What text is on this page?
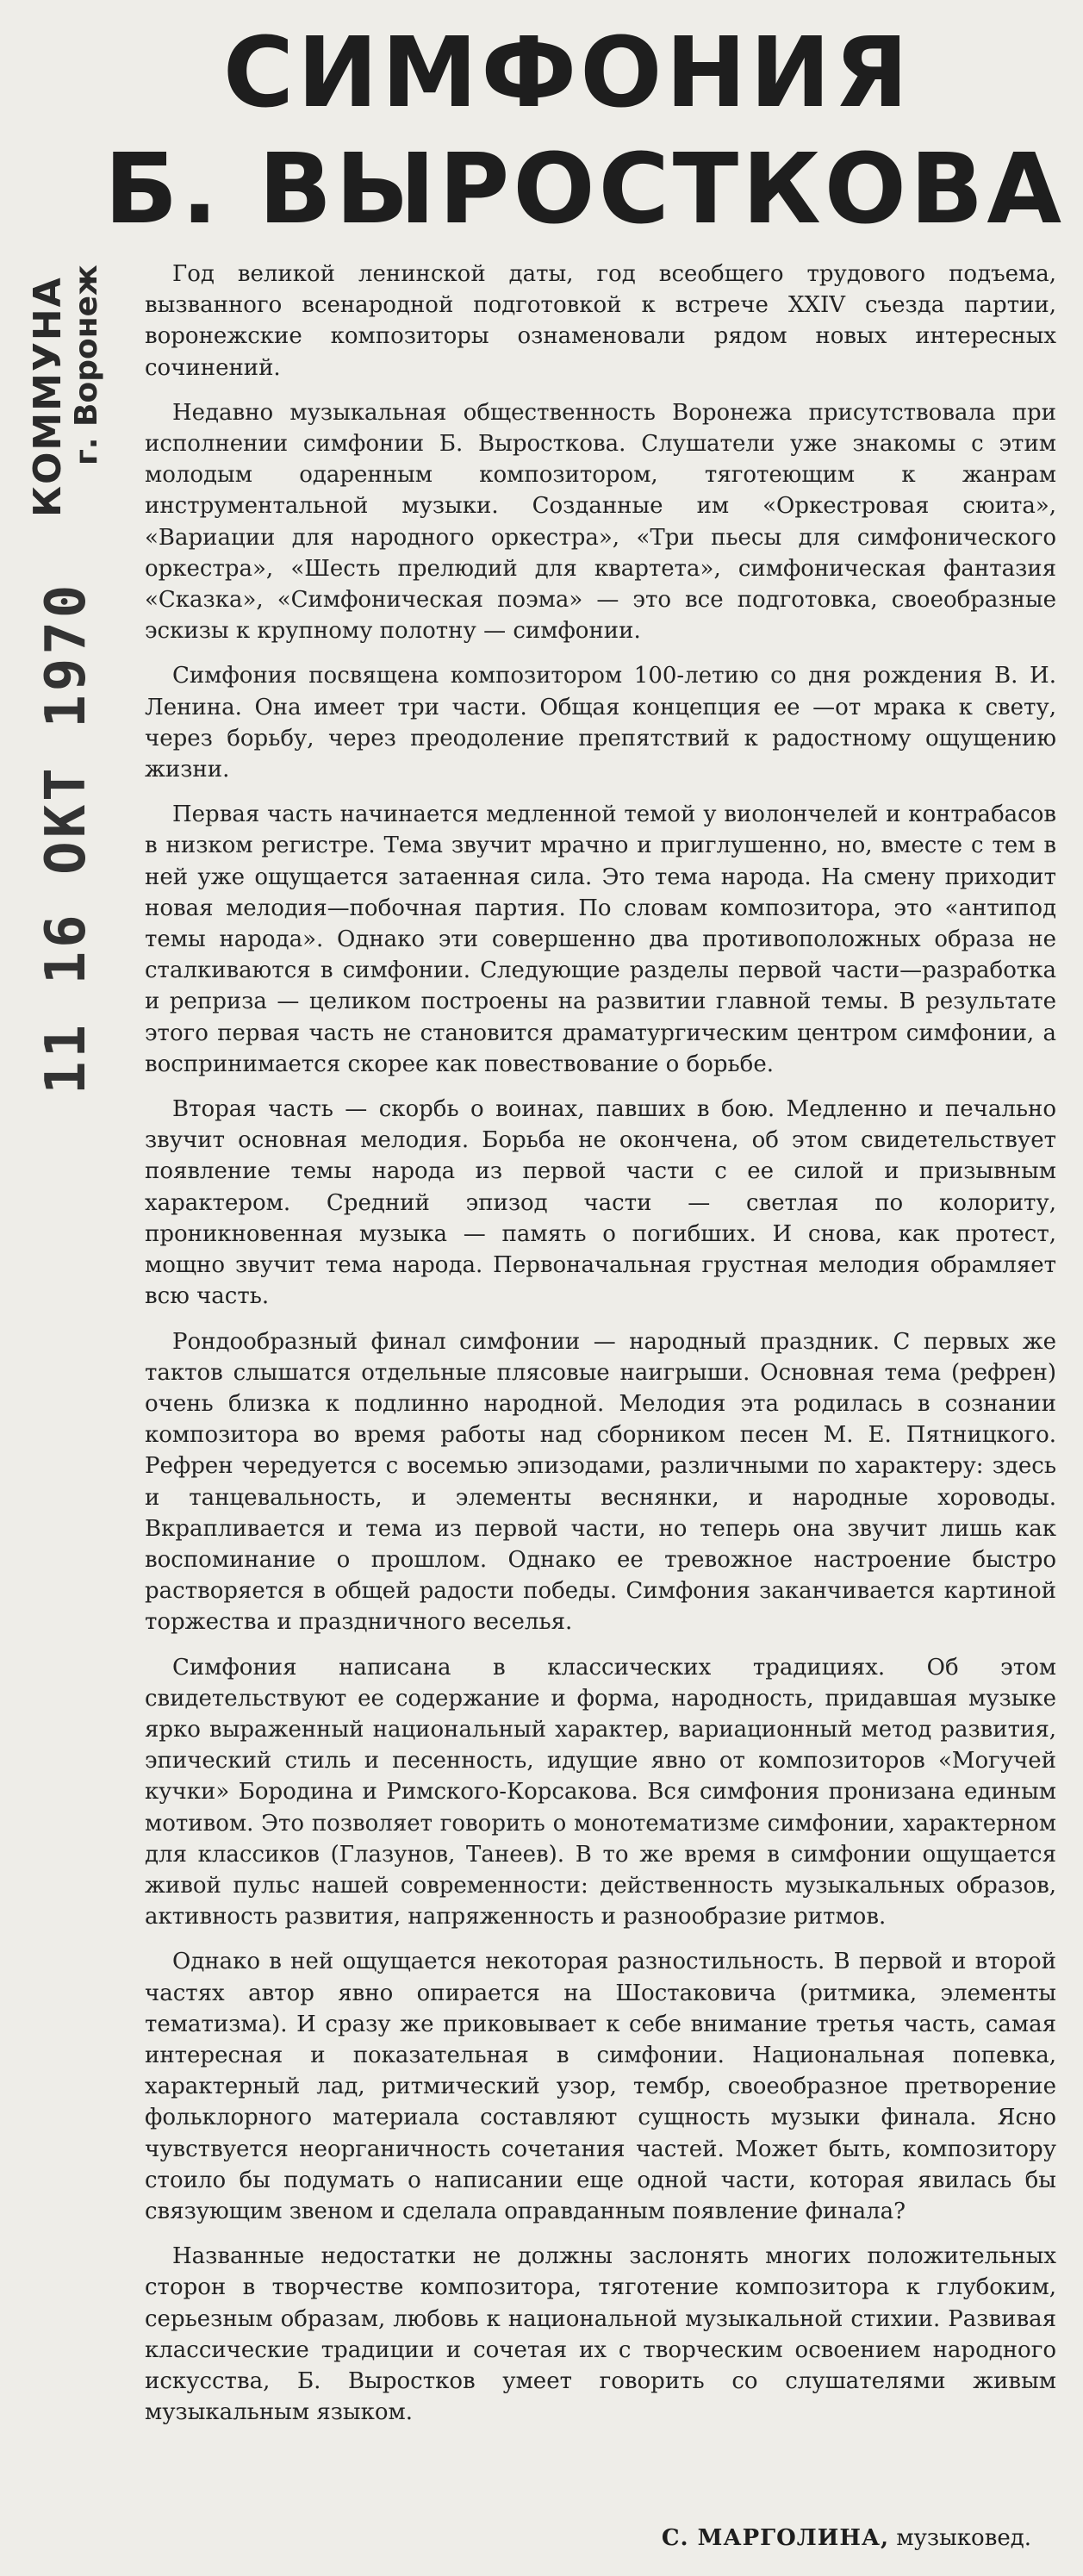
СИМФОНИЯ
Б. ВЫРОСТКОВА
КОММУНА г. Воронеж
11 16 ОКТ 1970

Год великой ленинской даты, год всеобщего трудового подъема, вызванного всенародной подготовкой к встрече XXIV съезда партии, воронежские композиторы ознаменовали рядом новых интересных сочинений.

Недавно музыкальная общественность Воронежа присутствовала при исполнении симфонии Б. Выросткова. Слушатели уже знакомы с этим молодым одаренным композитором, тяготеющим к жанрам инструментальной музыки. Созданные им «Оркестровая сюита», «Вариации для народного оркестра», «Три пьесы для симфонического оркестра», «Шесть прелюдий для квартета», симфоническая фантазия «Сказка», «Симфоническая поэма» — это все подготовка, своеобразные эскизы к крупному полотну — симфонии.

Симфония посвящена композитором 100-летию со дня рождения В. И. Ленина. Она имеет три части. Общая концепция ее —от мрака к свету, через борьбу, через преодоление препятствий к радостному ощущению жизни.

Первая часть начинается медленной темой у виолончелей и контрабасов в низком регистре. Тема звучит мрачно и приглушенно, но, вместе с тем в ней уже ощущается затаенная сила. Это тема народа. На смену приходит новая мелодия—побочная партия. По словам композитора, это «антипод темы народа». Однако эти совершенно два противоположных образа не сталкиваются в симфонии. Следующие разделы первой части—разработка и репризa — целиком построены на развитии главной темы. В результате этого первая часть не становится драматургическим центром симфонии, а воспринимается скорее как повествование о борьбе.

Вторая часть — скорбь о воинах, павших в бою. Медленно и печально звучит основная мелодия. Борьба не окончена, об этом свидетельствует появление темы народа из первой части с ее силой и призывным характером. Средний эпизод части — светлая по колориту, проникновенная музыка — память о погибших. И снова, как протест, мощно звучит тема народа. Первоначальная грустная мелодия обрамляет всю часть.

Рондообразный финал симфонии — народный праздник. С первых же тактов слышатся отдельные плясовые наигрыши. Основная тема (рефрен) очень близка к подлинно народной. Мелодия эта родилась в сознании композитора во время работы над сборником песен М. Е. Пятницкого. Рефрен чередуется с восемью эпизодами, различными по характеру: здесь и танцевальность, и элементы веснянки, и народные хороводы. Вкрапливается и тема из первой части, но теперь она звучит лишь как воспоминание о прошлом. Однако ее тревожное настроение быстро растворяется в общей радости победы. Симфония заканчивается картиной торжества и праздничного веселья.

Симфония написана в классических традициях. Об этом свидетельствуют ее содержание и форма, народность, придавшая музыке ярко выраженный национальный характер, вариационный метод развития, эпический стиль и песенность, идущие явно от композиторов «Могучей кучки» Бородина и Римского-Корсакова. Вся симфония пронизана единым мотивом. Это позволяет говорить о монотематизме симфонии, характерном для классиков (Глазунов, Танеев). В то же время в симфонии ощущается живой пульс нашей современности: действенность музыкальных образов, активность развития, напряженность и разнообразие ритмов.

Однако в ней ощущается некоторая разностильность. В первой и второй частях автор явно опирается на Шостаковича (ритмика, элементы тематизма). И сразу же приковывает к себе внимание третья часть, самая интересная и показательная в симфонии. Национальная попевка, характерный лад, ритмический узор, тембр, своеобразное претворение фольклорного материала составляют сущность музыки финала. Ясно чувствуется неорганичность сочетания частей. Может быть, композитору стоило бы подумать о написании еще одной части, которая явилась бы связующим звеном и сделала оправданным появление финала?

Названные недостатки не должны заслонять многих положительных сторон в творчестве композитора, тяготение композитора к глубоким, серьезным образам, любовь к национальной музыкальной стихии. Развивая классические традиции и сочетая их с творческим освоением народного искусства, Б. Выростков умеет говорить со слушателями живым музыкальным языком.

С. МАРГОЛИНА, музыковед.
